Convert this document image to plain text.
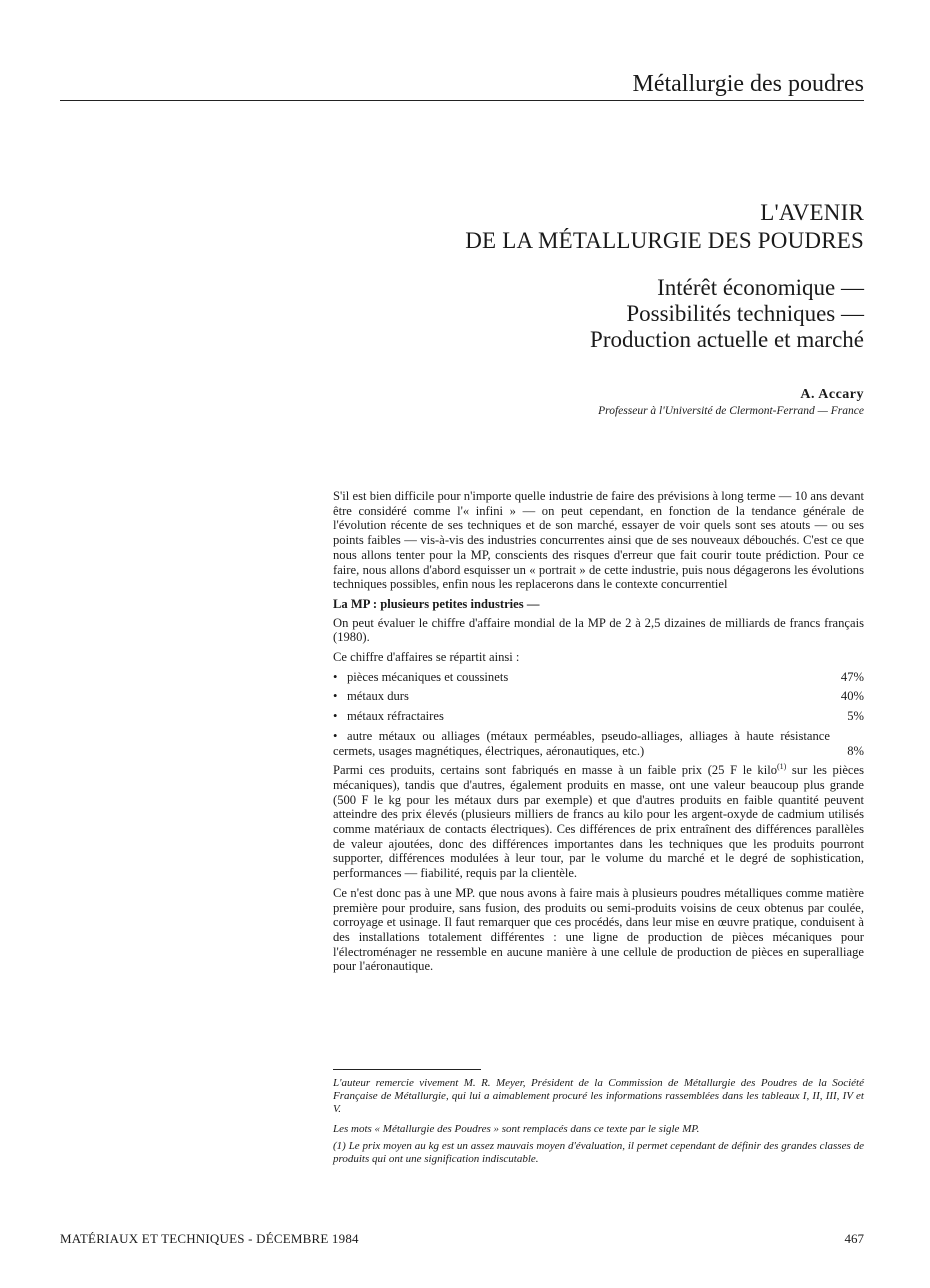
Métallurgie des poudres
L'AVENIR
DE LA MÉTALLURGIE DES POUDRES
Intérêt économique —
Possibilités techniques —
Production actuelle et marché
A. Accary
Professeur à l'Université de Clermont-Ferrand — France

S'il est bien difficile pour n'importe quelle industrie de faire des prévisions à long terme — 10 ans devant être considéré comme l'« infini » — on peut cependant, en fonction de la tendance générale de l'évolution récente de ses techniques et de son marché, essayer de voir quels sont ses atouts — ou ses points faibles — vis-à-vis des industries concurrentes ainsi que de ses nouveaux débouchés. C'est ce que nous allons tenter pour la MP, conscients des risques d'erreur que fait courir toute prédiction. Pour ce faire, nous allons d'abord esquisser un « portrait » de cette industrie, puis nous dégagerons les évolutions techniques possibles, enfin nous les replacerons dans le contexte concurrentiel

La MP : plusieurs petites industries —

On peut évaluer le chiffre d'affaire mondial de la MP de 2 à 2,5 dizaines de milliards de francs français (1980).

Ce chiffre d'affaires se répartit ainsi :

• pièces mécaniques et coussinets	47%
• métaux durs	40%
• métaux réfractaires	5%
• autre métaux ou alliages (métaux perméables, pseudo-alliages, alliages à haute résistance cermets, usages magnétiques, électriques, aéronautiques, etc.)	8%

Parmi ces produits, certains sont fabriqués en masse à un faible prix (25 F le kilo$^{(1)}$ sur les pièces mécaniques), tandis que d'autres, également produits en masse, ont une valeur beaucoup plus grande (500 F le kg pour les métaux durs par exemple) et que d'autres produits en faible quantité peuvent atteindre des prix élevés (plusieurs milliers de francs au kilo pour les argent-oxyde de cadmium utilisés comme matériaux de contacts électriques). Ces différences de prix entraînent des différences parallèles de valeur ajoutées, donc des différences importantes dans les techniques que les produits pourront supporter, différences modulées à leur tour, par le volume du marché et le degré de sophistication, performances — fiabilité, requis par la clientèle.

Ce n'est donc pas à une MP. que nous avons à faire mais à plusieurs poudres métalliques comme matière première pour produire, sans fusion, des produits ou semi-produits voisins de ceux obtenus par coulée, corroyage et usinage. Il faut remarquer que ces procédés, dans leur mise en œuvre pratique, conduisent à des installations totalement différentes : une ligne de production de pièces mécaniques pour l'électroménager ne ressemble en aucune manière à une cellule de production de pièces en superalliage pour l'aéronautique.

L'auteur remercie vivement M. R. Meyer, Président de la Commission de Métallurgie des Poudres de la Société Française de Métallurgie, qui lui a aimablement procuré les informations rassemblées dans les tableaux I, II, III, IV et V.

Les mots « Métallurgie des Poudres » sont remplacés dans ce texte par le sigle MP.

(1) Le prix moyen au kg est un assez mauvais moyen d'évaluation, il permet cependant de définir des grandes classes de produits qui ont une signification indiscutable.

MATÉRIAUX ET TECHNIQUES - DÉCEMBRE 1984	467
